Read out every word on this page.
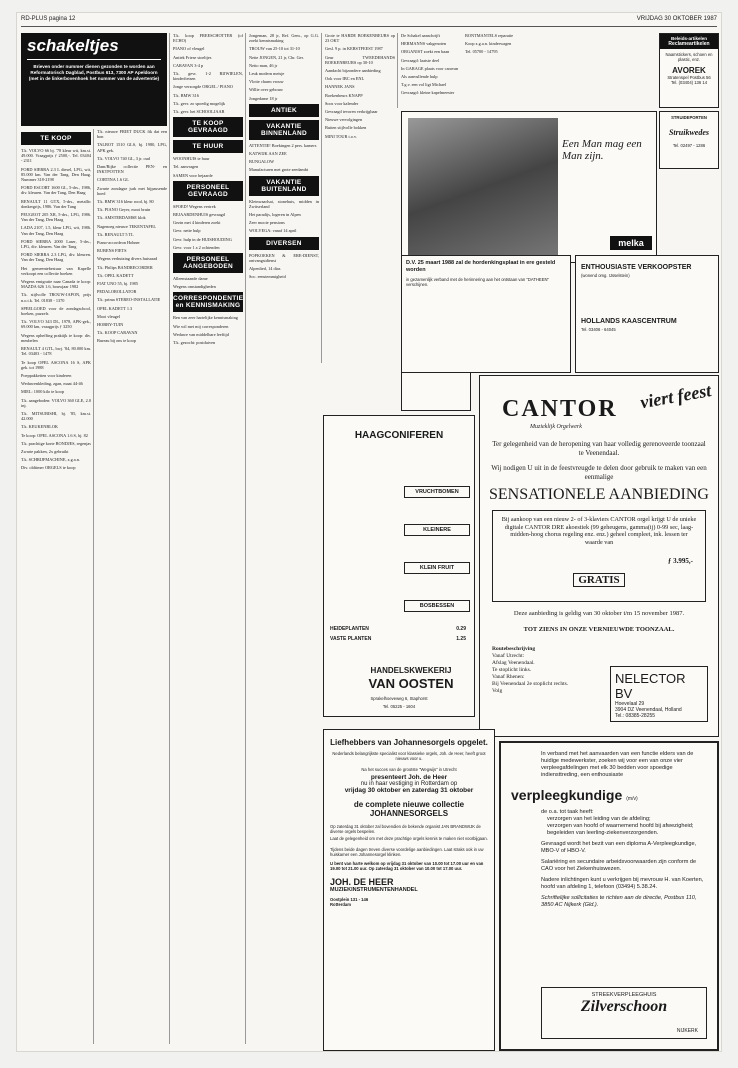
RD-PLUS pagina 12	VRIJDAG 30 OKTOBER 1987
schakeltjes
Brieven onder nummer dienen gezonden te worden aan Reformatorisch Dagblad, Postbus 613, 7300 AP Apeldoorn (met in de linkerbovenhoek het nummer van de advertentie)
TE KOOP

T.k. VOLVO 66 bj. '78 kleur wit, km.st. 49.000. Vraagprijs ƒ 2500,-. Tel. 03404 - 2311

FORD SIERRA 2.3 L diesel, LPG, wit, 85.000 km. Van der Tang, Den Haag. Nummer 318-2198

FORD ESCORT 1600 GL, 5-drs., 1986, div. kleuren. Van der Tang, Den Haag

RENAULT 11 GTX, 5-drs., metallic donkergrijs, 1986. Van der Tang

PEUGEOT 205 XR, 5-drs., LPG, 1986. Van der Tang, Den Haag

LADA 2107, 1.5, kleur LPG, wit, 1986. Van der Tang, Den Haag

FORD SIERRA 2000 Laser, 5-drs., LPG, div. kleuren. Van der Tang

FORD SIERRA 2.3 LPG, div. kleuren. Van der Tang, Den Haag

Het gemeentebestuur van Kapelle verkoopt een collectie boeken

Wegens emigratie naar Canada te koop: MAZDA 626 1.6, bouwjaar 1982

T.k. stijlvolle TROUW-JAPON, prijs n.o.t.k. Tel. 01838 - 1370

SPEELGOED voor de zondagschool, boeken, puzzels

T.k. VOLVO 343 DL, 1978, APK-gek., 69.000 km, vraagprijs ƒ 3250

Wegens opheffing praktijk te koop: div. meubelen

RENAULT 4 GTL, bwj. '84, 80.000 km. Tel. 03403 - 1478

Te koop OPEL ASCONA 16 S, APK gek. tot 1988

Poeppakketten voor kinderen

Weduwenkleding, zgan, maat 44-46

MIEL: 1000 kilo te koop

T.k. aangeboden: VOLVO 360 GLE, 2.0 inj.

T.k. MITSUBISHI, bj. '85, km.st. 42.000

T.k. KEUKENBLOK

Te koop: OPEL ASCONA 1.6 S, bj. 82

T.k. prachtige korte BONDJES, regenjas

Zwarte pakken, 2x gebruikt

T.k. SCHRIJFMACHINE, z.g.a.n.

Div. oldtimer ORGELS te koop

T.k. nieuwe FRIET DUCK fik dat een bon

TALBOT 1510 GLS, bj. 1980, LPG, APK gek.

T.k. VOLVO 740 GL, 3 jr. oud

Dam/Rijke collectie PEN- en INKTPOTTEN

CORTINA 1.6 GL

Zwarte zondagse jurk met bijpassende hoed

T.k. BMW 316 kleur rood, bj. 80

T.k. PIANO Geyer, mooi bruin

T.k. AMSTERDAMSE klok

Nagenoeg nieuwe TEKENTAFEL

T.k. RENAULT 5 TL

Piano-accordeon Hohner

RUBENS FIETS

Wegens verhuizing divers huisraad

T.k. Philips BANDRECORDER

T.k. OPEL KADETT

FIAT UNO 55, bj. 1985

PEDALOROLLATOR

T.k. prima STEREO-INSTALLATIE

OPEL KADETT 1.3

Mooi vleugel

HOBBY-TUIN

T.k. KOOP CARAVAN

Bureau bij ons te koop

T.k. koop FREESCHOTTER (of ECHO)

PIANO of vleugel

Antiek Friese stoeltjes

CARAVAN 3-4 p

T.k. gevr. 1-2 RIJWIELEN, kinderfietsen

Jonge verzorgde ORGEL / PIANO

T.k. BMW 316

T.k. gevr. zo spoedig mogelijk

T.k. gevr. het SCHOOLJAAR

TE KOOP GEVRAAGD
TE HUUR

WOONHUIS te huur

Tel. aanvragen

SAMEN voor bejaarde

PERSONEEL GEVRAAGD

SPOED! Wegens vertrek

BEJAARDENHUIS gevraagd

Gezin met 4 kinderen zoekt

Gevr. nette hulp

Gevr. hulp in de HUISHOUDING

Gevr. voor 1 a 2 ochtenden

PERSONEEL AANGEBODEN

Alleenstaande dame

Wegens omstandigheden

CORRESPONDENTIE en KENNISMAKING

Ben van zeer hartelijke kennismaking

Wie wil met mij corresponderen

Weduwe van middelbare leeftijd

T.k. gezocht: postduiven

Jongeman, 28 jr, Ref. Gem., op G.G. zoekt kennismaking

TROUW van 25-10 tot 31-10

Nette JONGEN, 21 jr, Chr. Ger.

Netto man, 46 jr

Leuk modern meisje

Vlotte charm vrouw

Willie over gebouw

Jongedame 18 jr

ANTIEK
VAKANTIE BINNENLAND

ATTENTIE! Boekingen 2 pers. kamers

KATWIJK AAN ZEE

BUNGALOW

Manufacturen met grote zeedambt

VAKANTIE BUITENLAND

Kleinwaarlsai, stonehuis, midden in Zwitserland

Het paradijs, logeren in Alpen

Zeer mooie pensions

WOLVEGA: vanaf 14 april

DIVERSEN

POPKOEKEN & ERE-DIENST, ontvangstdienst

Alpenlied, 14 dias

Soc. eenstemmigheid

Grote te HARDE BOEKENBEURS op 23 OKT

Gesl. 9 p. in KERSTFEEST 1987

Geur TWEEDEHANDS BOEKENBEURS op 30-10

Aandacht bijzondere aanbieding

Ook voor IBC en ENL

HANNEK JANS

Boekenbeurs KNAPP

Soos voor kalender

Gevraagd tevoren verkrijgbaar

Nieuwe vervolgingen

Buiten stijlvolle bokken

MINI TOUR t.o.v.

De Schakel aanschrijft

HERMANNS vakgenoten

ORGANIST zoekt een baan

Gevraagd: laatste deel

In GARAGE plaats voor caravan

Als aanvullende hulp

T.g.v. een vol ligt Michael

Gevraagd: kleine kapelmeester

BONTMANTELS reparatie

Koop z.g.a.n. kinderwagen

Tel. 05700 - 14795

Beleids-artikelen
Reclameartikelen
Naamstickers, schoen en plastic, enz.
AVOREK
Stratenspel Postbus 56
Tel. (03404) 136 14
Een Man mag een Man zijn.
melka
STRUIDEPORTEN
Struikwedes
Tel. 02497 - 1286
D.V. 25 maart 1988 zal de hordenkingsplaat in ere gesteld worden
in gezamenlijk verband met de herinnering aan het ontstaan van "DATHEEN" verschijnen.
ENTHOUSIASTE VERKOOPSTER
(wonend omg. IJsselstein)
HOLLANDS KAASCENTRUM
Tel. 03406 - 64045
CANTOR
Muzieklijk Orgelwerk
viert feest
Ter gelegenheid van de heropening van haar volledig gerenoveerde toonzaal te Veenendaal.
Wij nodigen U uit in de feestvreugde te delen door gebruik te maken van een eenmalige
SENSATIONELE AANBIEDING
Bij aankoop van een nieuw 2- of 3-klaviers CANTOR orgel krijgt U de unieke digitale CANTOR DRE akoestiek (99 geheugens, gamma(ij) 0-99 sec, laag-midden-hoog chorus regeling enz. enz.) geheel compleet, ink. lessen ter waarde van
ƒ 3.995,-
GRATIS
Deze aanbieding is geldig van 30 oktober t/m 15 november 1987.
TOT ZIENS IN ONZE VERNIEUWDE TOONZAAL.
Routebeschrijving

Vanaf Utrecht:

Afslag Veenendaal.

Te stoplicht links.

Vanaf Rhenen:

Bij Veenendaal 2e stoplicht rechts.

Volg
NELECTOR BV
Hoevelaal 29
3904 DZ Veenendaal, Holland
Tel.: 08385-28255
HAAGCONIFEREN
VRUCHTBOMEN
KLEINERE
KLEIN FRUIT
BOSBESSEN
HEIDEPLANTEN	0.29
VASTE PLANTEN	1.25
HANDELSKWEKERIJ
VAN OOSTEN
Sprakelhoeveweg 6, Staphorst
Tel. 05225 - 1604
Liefhebbers van Johannesorgels opgelet.
Nederlands belangrijkste specialist voor klassieke orgels, Joh. de Heer, heeft groot nieuws voor u.
Na het succes van de grootste "Wegwijs" in Utrecht
presenteert Joh. de Heer
nu in haar vestiging in Rotterdam op
vrijdag 30 oktober en zaterdag 31 oktober
de complete nieuwe collectie
JOHANNESORGELS
Op zaterdag 31 oktober zal bovendien de bekende organist JAN BRANDWIJK de diverse orgels bespelen.
Laat de gelegenheid om met deze prachtige orgels kennis te maken niet voorbijgaan.
Tijdens beide dagen treven diverse voordelige aanbiedingen. Laat straks ook in uw huiskamer een Johannesorgel klinken.
U bent van harte welkom op vrijdag 31 oktober van 10.00 tot 17.00 uur en van 19.00 tot 21.00 uur. Op zaterdag 31 oktober van 10.00 tot 17.00 uur.
JOH. DE HEER
MUZIEKINSTRUMENTENHANDEL
Oostplein 131 - 146
Rotterdam
In verband met het aanvaarden van een functie elders van de huidige medewerkster, zoeken wij voor een van onze vier verpleegafdelingen met elk 30 bedden voor spoedige indiensttreding, een enthousiaste
verpleegkundige (m/v)
de o.a. tot taak heeft:
verzorgen van het leiding van de afdeling;
verzorgen van hoofd of waarnemend hoofd bij afwezigheid;
begeleiden van leerling-ziekenverzorgenden.
Gevraagd wordt het bezit van een diploma A-Verpleegkundige, MBO-V of HBO-V.
Salariëring en secundaire arbeidsvoorwaarden zijn conform de CAO voor het Ziekenhuiswezen.
Nadere inlichtingen kunt u verkrijgen bij mevrouw H. van Koerten, hoofd van afdeling 1, telefoon (03494) 5.38.24.
Schriftelijke sollicitaties te richten aan de directie, Postbus 110, 3850 AC Nijkerk (Gld.).
STREEKVERPLEEGHUIS
Zilverschoon
NIJKERK
